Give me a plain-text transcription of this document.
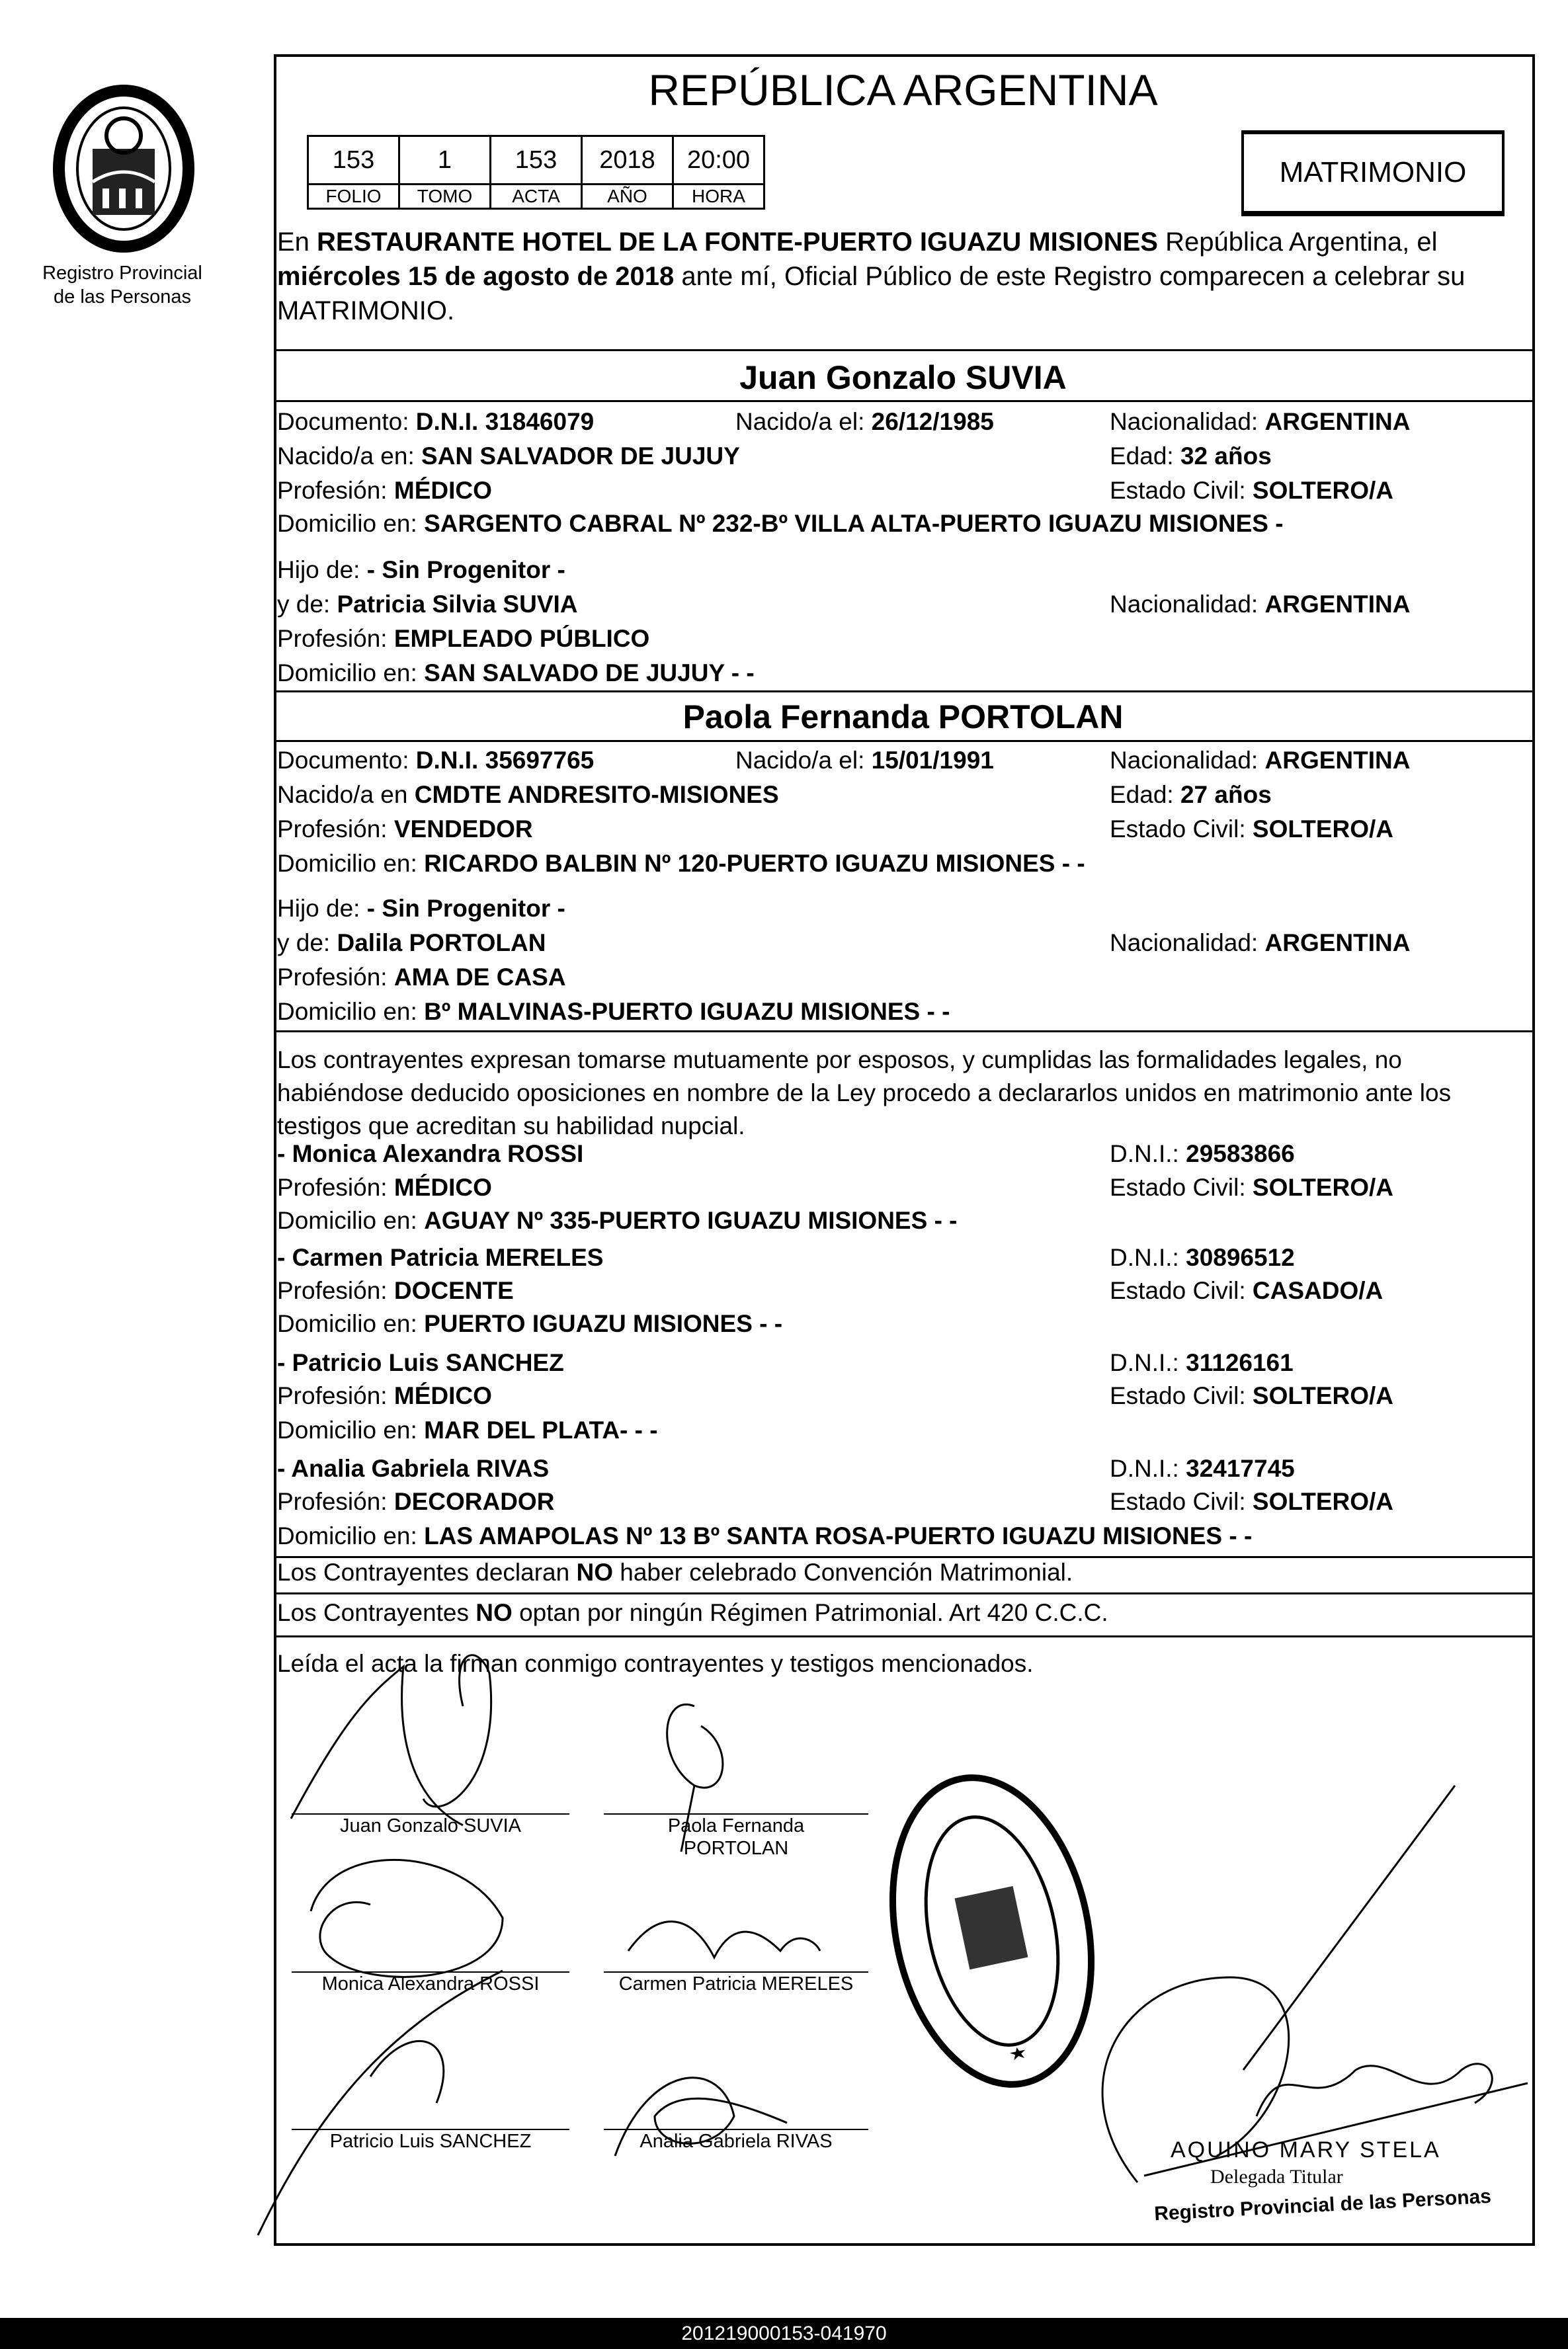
Registro Provincial
de las Personas
REPÚBLICA ARGENTINA
153	1	153	2018	20:00
FOLIO	TOMO	ACTA	AÑO	HORA
MATRIMONIO
En RESTAURANTE HOTEL DE LA FONTE-PUERTO IGUAZU MISIONES República Argentina, el miércoles 15 de agosto de 2018 ante mí, Oficial Público de este Registro comparecen a celebrar su MATRIMONIO.
Juan Gonzalo SUVIA
Documento: D.N.I. 31846079	Nacido/a el: 26/12/1985	Nacionalidad: ARGENTINA
Nacido/a en: SAN SALVADOR DE JUJUY	Edad: 32 años
Profesión: MÉDICO	Estado Civil: SOLTERO/A
Domicilio en: SARGENTO CABRAL Nº 232-Bº VILLA ALTA-PUERTO IGUAZU MISIONES -
Hijo de: - Sin Progenitor -
y de: Patricia Silvia SUVIA	Nacionalidad: ARGENTINA
Profesión: EMPLEADO PÚBLICO
Domicilio en: SAN SALVADO DE JUJUY - -
Paola Fernanda PORTOLAN
Documento: D.N.I. 35697765	Nacido/a el: 15/01/1991	Nacionalidad: ARGENTINA
Nacido/a en CMDTE ANDRESITO-MISIONES	Edad: 27 años
Profesión: VENDEDOR	Estado Civil: SOLTERO/A
Domicilio en: RICARDO BALBIN Nº 120-PUERTO IGUAZU MISIONES - -
Hijo de: - Sin Progenitor -
y de: Dalila PORTOLAN	Nacionalidad: ARGENTINA
Profesión: AMA DE CASA
Domicilio en: Bº MALVINAS-PUERTO IGUAZU MISIONES - -
Los contrayentes expresan tomarse mutuamente por esposos, y cumplidas las formalidades legales, no habiéndose deducido oposiciones en nombre de la Ley procedo a declararlos unidos en matrimonio ante los testigos que acreditan su habilidad nupcial.
- Monica Alexandra ROSSI	D.N.I.: 29583866
Profesión: MÉDICO	Estado Civil: SOLTERO/A
Domicilio en: AGUAY Nº 335-PUERTO IGUAZU MISIONES - -
- Carmen Patricia MERELES	D.N.I.: 30896512
Profesión: DOCENTE	Estado Civil: CASADO/A
Domicilio en: PUERTO IGUAZU MISIONES - -
- Patricio Luis SANCHEZ	D.N.I.: 31126161
Profesión: MÉDICO	Estado Civil: SOLTERO/A
Domicilio en: MAR DEL PLATA- - -
- Analia Gabriela RIVAS	D.N.I.: 32417745
Profesión: DECORADOR	Estado Civil: SOLTERO/A
Domicilio en: LAS AMAPOLAS Nº 13 Bº SANTA ROSA-PUERTO IGUAZU MISIONES - -
Los Contrayentes declaran NO haber celebrado Convención Matrimonial.
Los Contrayentes NO optan por ningún Régimen Patrimonial. Art 420 C.C.C.
Leída el acta la firman conmigo contrayentes y testigos mencionados.
Juan Gonzalo SUVIA	Paola Fernanda
PORTOLAN
Monica Alexandra ROSSI	Carmen Patricia MERELES
Patricio Luis SANCHEZ	Analia Gabriela RIVAS	AQUINO MARY STELA
Delegada Titular
Registro Provincial de las Personas
201219000153-041970
